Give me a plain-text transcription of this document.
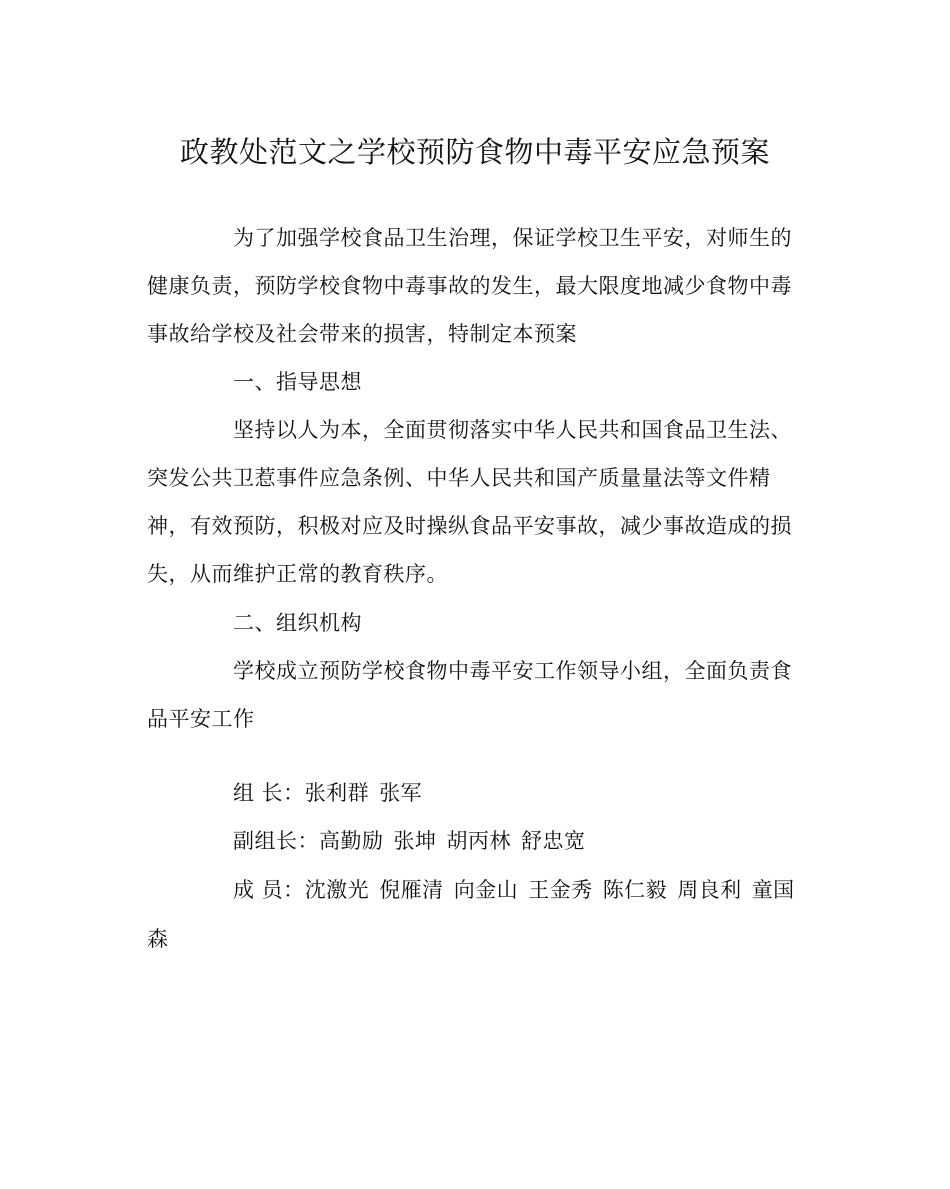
政教处范文之学校预防食物中毒平安应急预案
为了加强学校食品卫生治理，保证学校卫生平安，对师生的
健康负责，预防学校食物中毒事故的发生，最大限度地减少食物中毒
事故给学校及社会带来的损害，特制定本预案
一、指导思想
坚持以人为本，全面贯彻落实中华人民共和国食品卫生法、
突发公共卫惹事件应急条例、中华人民共和国产质量量法等文件精
神，有效预防，积极对应及时操纵食品平安事故，减少事故造成的损
失，从而维护正常的教育秩序。
二、组织机构
学校成立预防学校食物中毒平安工作领导小组，全面负责食
品平安工作
组 长：张利群 张军
副组长：高勤励 张坤 胡丙林 舒忠宽
成 员：沈激光 倪雁清 向金山 王金秀 陈仁毅 周良利 童国
森
